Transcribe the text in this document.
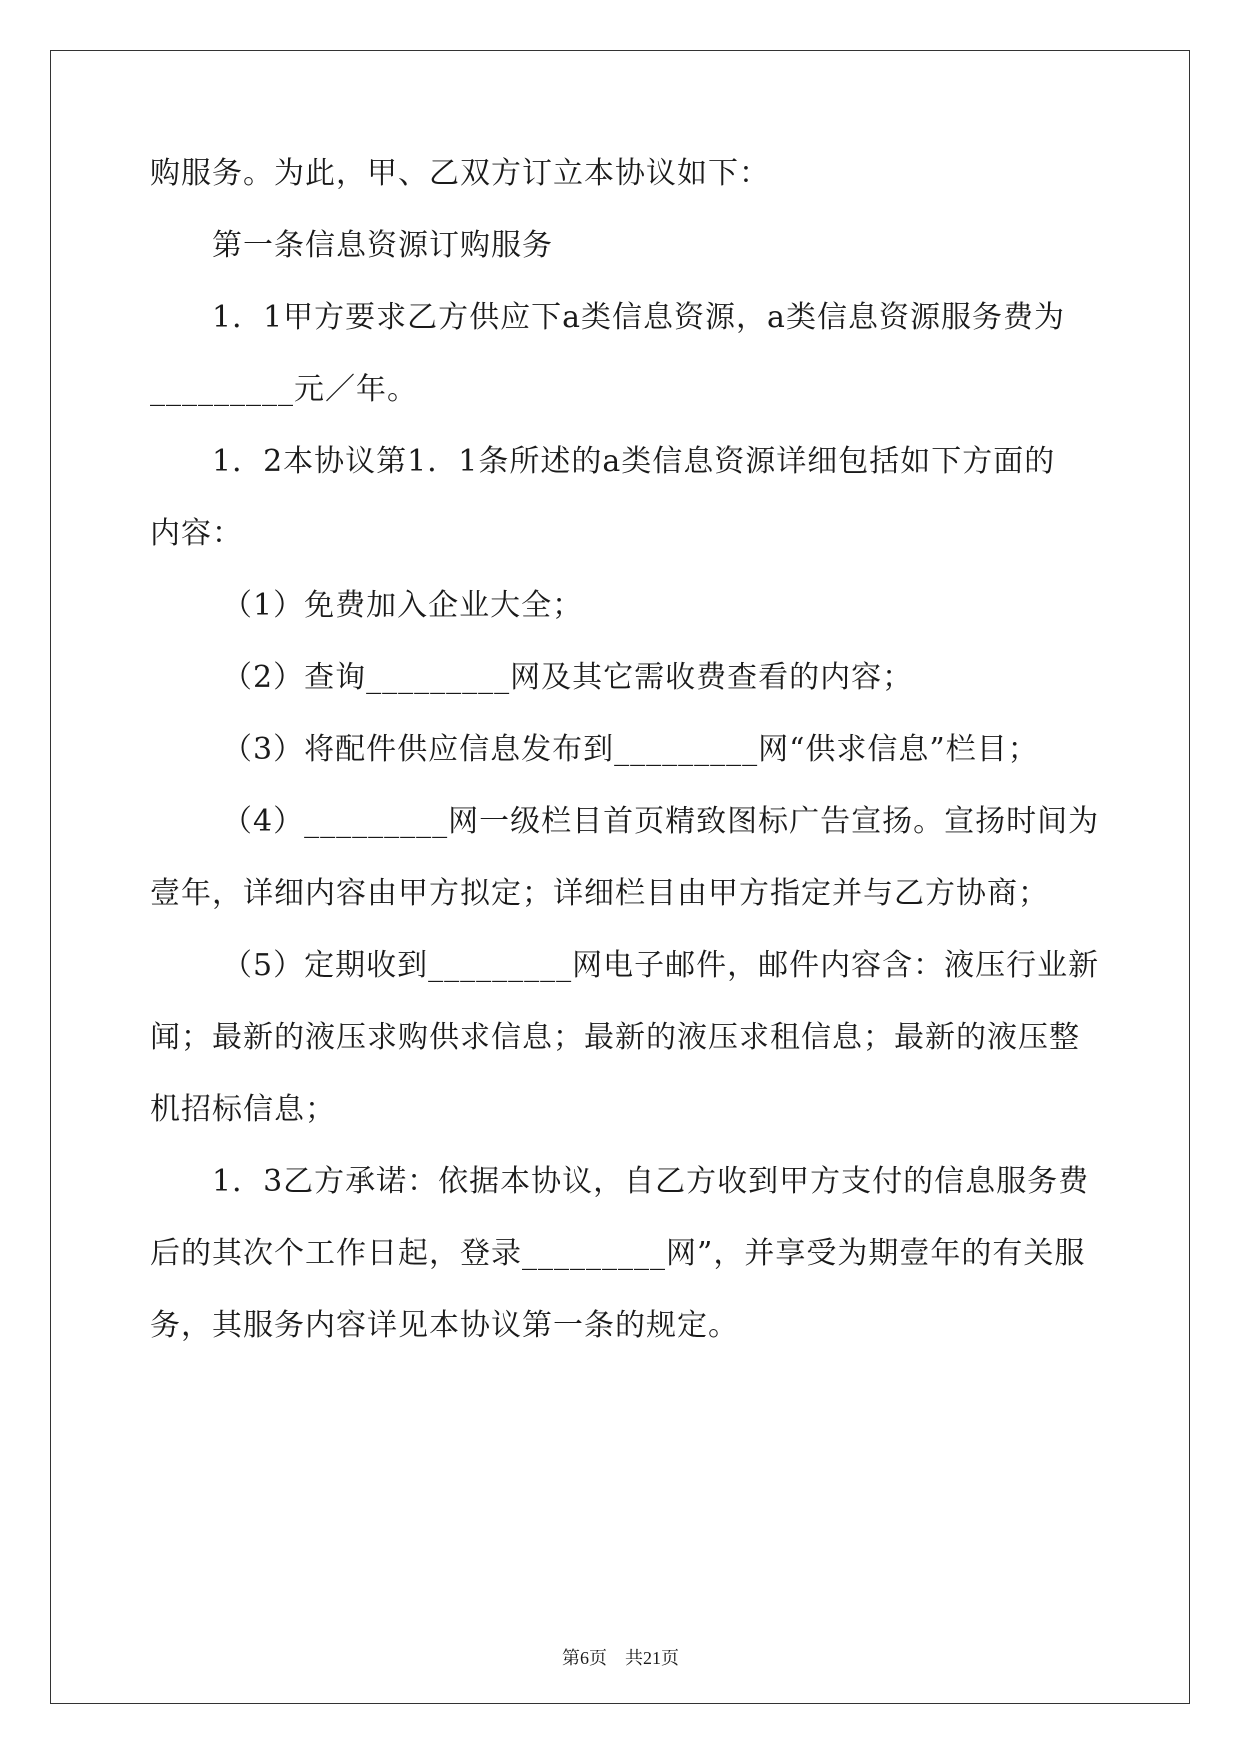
购服务。为此，甲、乙双方订立本协议如下：
第一条信息资源订购服务
1．1甲方要求乙方供应下a类信息资源，a类信息资源服务费为
_________元／年。
1．2本协议第1．1条所述的a类信息资源详细包括如下方面的
内容：
（1）免费加入企业大全；
（2）查询_________网及其它需收费查看的内容；
（3）将配件供应信息发布到_________网“供求信息”栏目；
（4）_________网一级栏目首页精致图标广告宣扬。宣扬时间为
壹年，详细内容由甲方拟定；详细栏目由甲方指定并与乙方协商；
（5）定期收到_________网电子邮件，邮件内容含：液压行业新
闻；最新的液压求购供求信息；最新的液压求租信息；最新的液压整
机招标信息；
1．3乙方承诺：依据本协议，自乙方收到甲方支付的信息服务费
后的其次个工作日起，登录_________网”，并享受为期壹年的有关服
务，其服务内容详见本协议第一条的规定。
第6页　共21页
